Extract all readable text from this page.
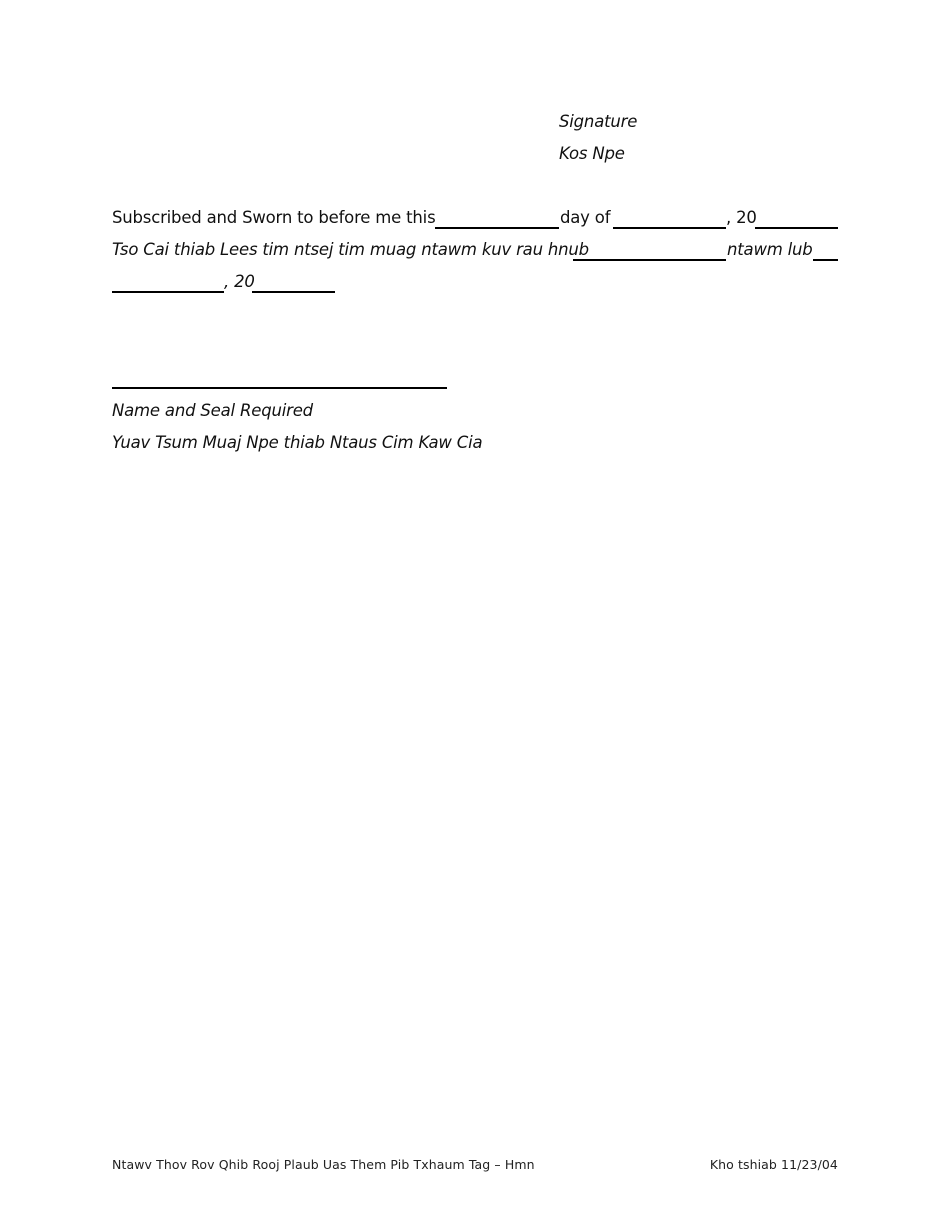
Signature
Kos Npe
Subscribed and Sworn to before me this	day of	, 20
Tso Cai thiab Lees tim ntsej tim muag ntawm kuv rau hnub	ntawm lub
, 20
Name and Seal Required
Yuav Tsum Muaj Npe thiab Ntaus Cim Kaw Cia
Ntawv Thov Rov Qhib Rooj Plaub Uas Them Pib Txhaum Tag – Hmn	Kho tshiab 11/23/04
